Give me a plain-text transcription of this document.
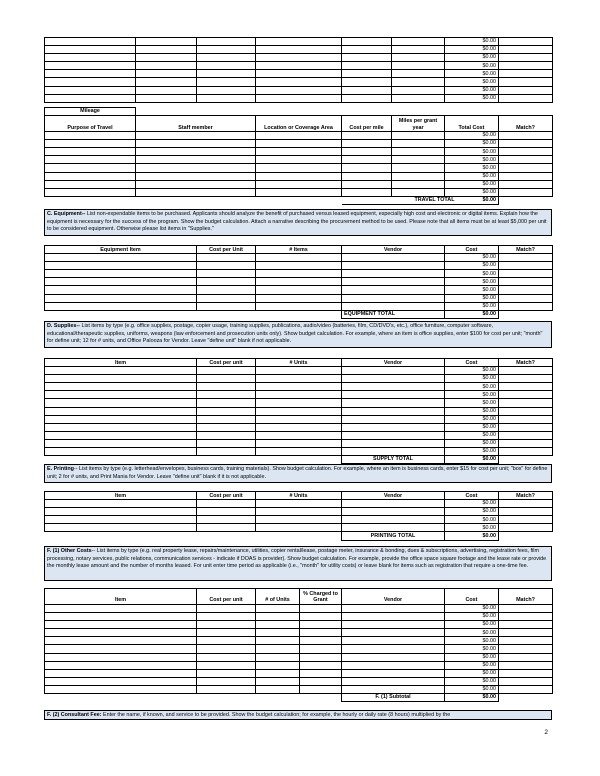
						$0.00	
						$0.00	
						$0.00	
						$0.00	
						$0.00	
						$0.00	
						$0.00	
						$0.00	
Mileage						
Purpose of Travel	Staff member	Location or Coverage Area	Cost per mile	Miles per grant year	Total Cost	Match?
					$0.00	
					$0.00	
					$0.00	
					$0.00	
					$0.00	
					$0.00	
					$0.00	
					$0.00	
			TRAVEL TOTAL $0.00			
C. Equipment-- List non-expendable items to be purchased. Applicants should analyze the benefit of purchased versus leased equipment, especially high cost and electronic or digital items. Explain how the equipment is necessary for the success of the program. Show the budget calculation. Attach a narrative describing the procurement method to be used. Please note that all items must be at least $5,000 per unit to be considered equipment. Otherwise please list items in "Supplies."
Equipment Item	Cost per Unit	# Items	Vendor	Cost	Match?
				$0.00	
				$0.00	
				$0.00	
				$0.00	
				$0.00	
				$0.00	
				$0.00	
			EQUIPMENT TOTAL	$0.00	
D. Supplies-- List items by type (e.g. office supplies, postage, copier usage, training supplies, publications, audio/video (batteries, film, CD/DVD's, etc.), office furniture, computer software, educational/therapeutic supplies, uniforms, weapons (law enforcement and prosecution units only). Show budget calculation. For example, where an item is office supplies, enter $100 for cost per unit; "month" for define unit; 12 for # units, and Office Palooza for Vendor. Leave "define unit" blank if not applicable.
Item	Cost per unit	# Units	Vendor	Cost	Match?
				$0.00	
				$0.00	
				$0.00	
				$0.00	
				$0.00	
				$0.00	
				$0.00	
				$0.00	
				$0.00	
				$0.00	
				$0.00	
			SUPPLY TOTAL	$0.00	
E. Printing-- List items by type (e.g. letterhead/envelopes, business cards, training materials). Show budget calculation. For example, where an item is business cards, enter $15 for cost per unit; "box" for define unit; 2 for # units, and Print Mania for Vendor. Leave "define unit" blank if it is not applicable.
Item	Cost per unit	# Units	Vendor	Cost	Match?
				$0.00	
				$0.00	
				$0.00	
				$0.00	
			PRINTING TOTAL	$0.00	
F. (1) Other Costs-- List items by type (e.g. real property lease, repairs/maintenance, utilities, copier rental/lease, postage meter, insurance & bonding, dues & subscriptions, advertising, registration fees, film processing, notary services, public relations, communication services - indicate if DOAS is provider). Show budget calculation. For example, provide the office space square footage and the lease rate or provide the monthly lease amount and the number of months leased. For unit enter time period as applicable (i.e., "month" for utility costs) or leave blank for items such as registration that require a one-time fee.
Item	Cost per unit	# of Units	% Charged to Grant	Vendor	Cost	Match?
					$0.00	
					$0.00	
					$0.00	
					$0.00	
					$0.00	
					$0.00	
					$0.00	
					$0.00	
					$0.00	
					$0.00	
					$0.00	
				F. (1) Subtotal	$0.00	
F. (2) Consultant Fee: Enter the name, if known, and service to be provided. Show the budget calculation; for example, the hourly or daily rate (8 hours) multiplied by the
2
